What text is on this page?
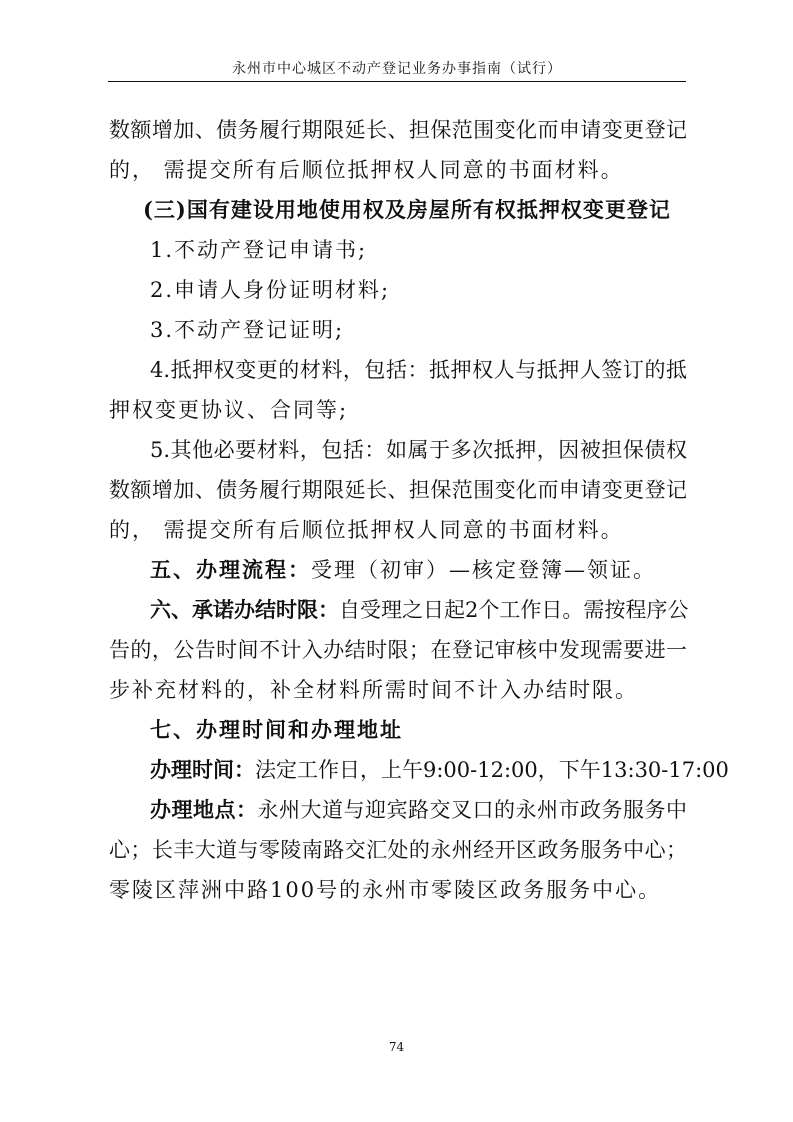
永州市中心城区不动产登记业务办事指南（试行）
数额增加、债务履行期限延长、担保范围变化而申请变更登记
的， 需提交所有后顺位抵押权人同意的书面材料。
(三)国有建设用地使用权及房屋所有权抵押权变更登记
1.不动产登记申请书;
2.申请人身份证明材料;
3.不动产登记证明;
4.抵押权变更的材料，包括：抵押权人与抵押人签订的抵
押权变更协议、合同等;
5.其他必要材料，包括：如属于多次抵押，因被担保债权
数额增加、债务履行期限延长、担保范围变化而申请变更登记
的， 需提交所有后顺位抵押权人同意的书面材料。
五、办理流程：受理（初审）—核定登簿—领证。
六、承诺办结时限：自受理之日起2个工作日。需按程序公
告的，公告时间不计入办结时限；在登记审核中发现需要进一
步补充材料的，补全材料所需时间不计入办结时限。
七、办理时间和办理地址
办理时间：法定工作日，上午9:00-12:00，下午13:30-17:00
办理地点：永州大道与迎宾路交叉口的永州市政务服务中
心；长丰大道与零陵南路交汇处的永州经开区政务服务中心；
零陵区萍洲中路100号的永州市零陵区政务服务中心。
74
